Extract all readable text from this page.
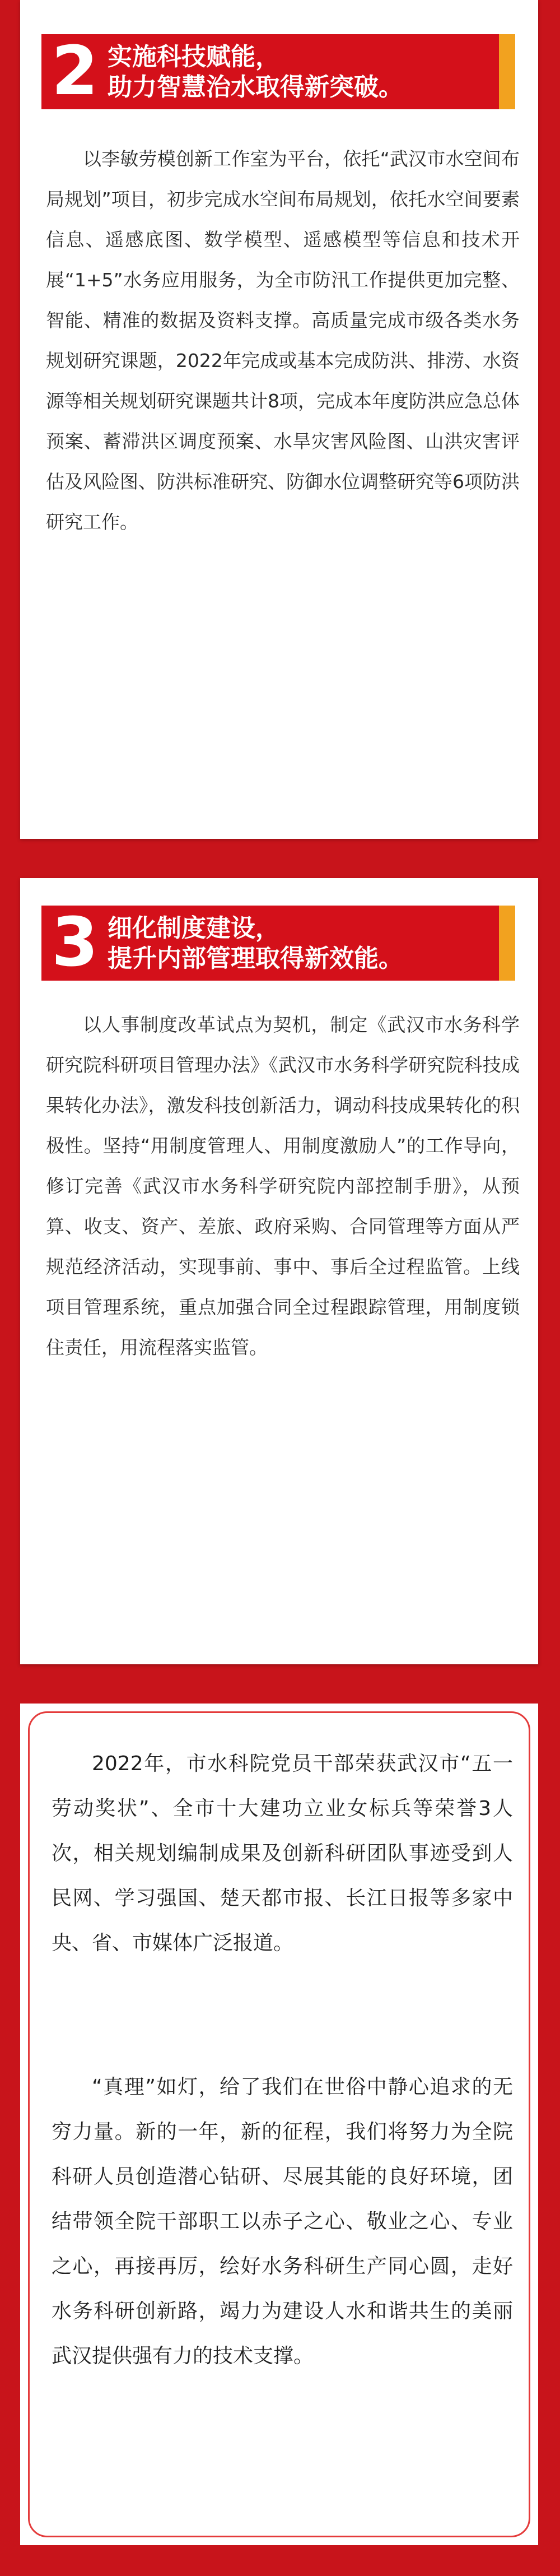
2 实施科技赋能，
助力智慧治水取得新突破。

以李敏劳模创新工作室为平台，依托“武汉市水空间布局规划”项目，初步完成水空间布局规划，依托水空间要素信息、遥感底图、数学模型、遥感模型等信息和技术开展“1+5”水务应用服务，为全市防汛工作提供更加完整、智能、精准的数据及资料支撑。高质量完成市级各类水务规划研究课题，2022年完成或基本完成防洪、排涝、水资源等相关规划研究课题共计8项，完成本年度防洪应急总体预案、蓄滞洪区调度预案、水旱灾害风险图、山洪灾害评估及风险图、防洪标准研究、防御水位调整研究等6项防洪研究工作。

3 细化制度建设，
提升内部管理取得新效能。

以人事制度改革试点为契机，制定《武汉市水务科学研究院科研项目管理办法》《武汉市水务科学研究院科技成果转化办法》，激发科技创新活力，调动科技成果转化的积极性。坚持“用制度管理人、用制度激励人”的工作导向，修订完善《武汉市水务科学研究院内部控制手册》，从预算、收支、资产、差旅、政府采购、合同管理等方面从严规范经济活动，实现事前、事中、事后全过程监管。上线项目管理系统，重点加强合同全过程跟踪管理，用制度锁住责任，用流程落实监管。

2022年，市水科院党员干部荣获武汉市“五一劳动奖状”、全市十大建功立业女标兵等荣誉3人次，相关规划编制成果及创新科研团队事迹受到人民网、学习强国、楚天都市报、长江日报等多家中央、省、市媒体广泛报道。

“真理”如灯，给了我们在世俗中静心追求的无穷力量。新的一年，新的征程，我们将努力为全院科研人员创造潜心钻研、尽展其能的良好环境，团结带领全院干部职工以赤子之心、敬业之心、专业之心，再接再厉，绘好水务科研生产同心圆，走好水务科研创新路，竭力为建设人水和谐共生的美丽武汉提供强有力的技术支撑。
